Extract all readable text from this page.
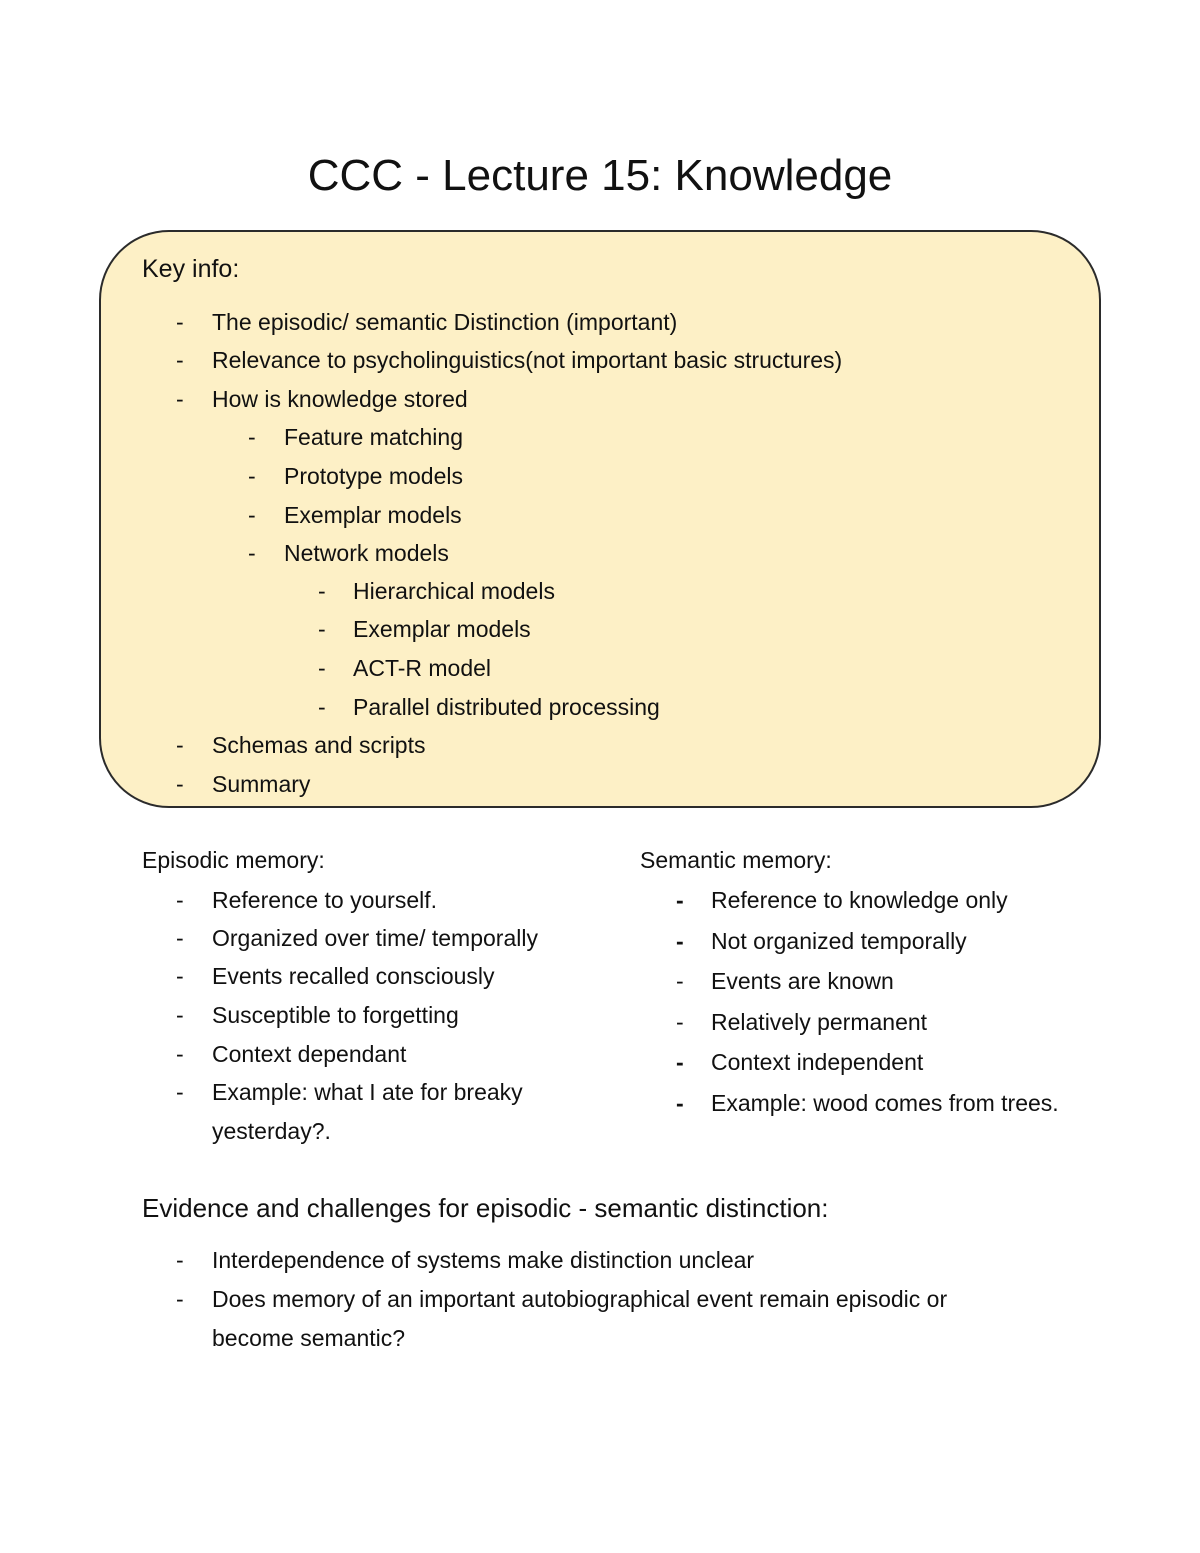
CCC - Lecture 15: Knowledge
Key info:
- The episodic/ semantic Distinction (important)
- Relevance to psycholinguistics(not important basic structures)
- How is knowledge stored
- Feature matching
- Prototype models
- Exemplar models
- Network models
- Hierarchical models
- Exemplar models
- ACT-R model
- Parallel distributed processing
- Schemas and scripts
- Summary
Episodic memory:
- Reference to yourself.
- Organized over time/ temporally
- Events recalled consciously
- Susceptible to forgetting
- Context dependant
- Example: what I ate for breaky
yesterday?.
Semantic memory:
- Reference to knowledge only
- Not organized temporally
- Events are known
- Relatively permanent
- Context independent
- Example: wood comes from trees.
Evidence and challenges for episodic - semantic distinction:
- Interdependence of systems make distinction unclear
- Does memory of an important autobiographical event remain episodic or
become semantic?
